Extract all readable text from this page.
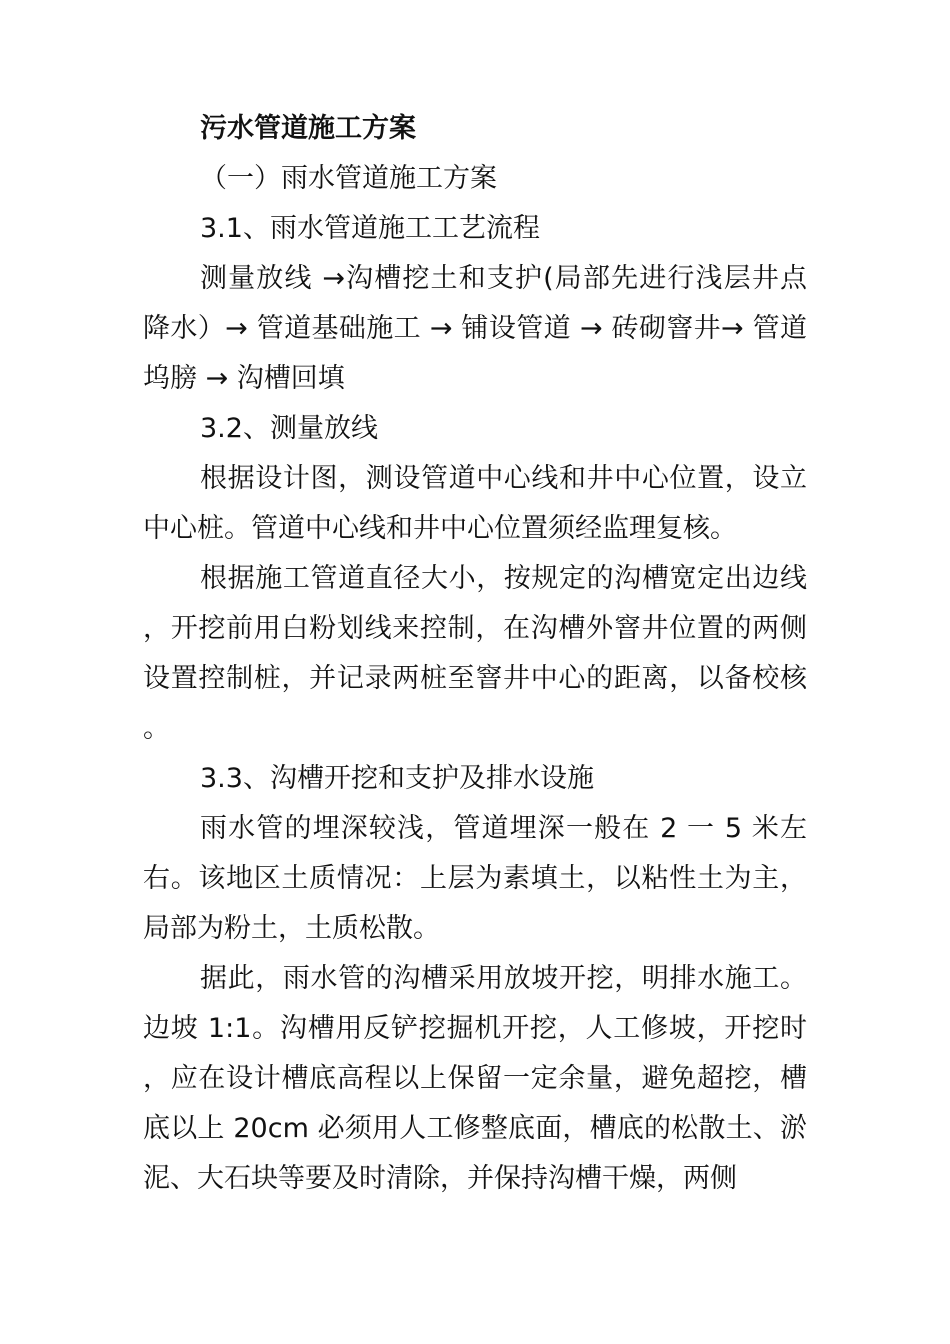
污水管道施工方案

（一）雨水管道施工方案

3.1、雨水管道施工工艺流程

测量放线 →沟槽挖土和支护(局部先进行浅层井点降水）→ 管道基础施工 → 铺设管道 → 砖砌窨井→ 管道坞膀 → 沟槽回填

3.2、测量放线

根据设计图，测设管道中心线和井中心位置，设立中心桩。管道中心线和井中心位置须经监理复核。

根据施工管道直径大小，按规定的沟槽宽定出边线，开挖前用白粉划线来控制，在沟槽外窨井位置的两侧设置控制桩，并记录两桩至窨井中心的距离，以备校核。

3.3、沟槽开挖和支护及排水设施

雨水管的埋深较浅，管道埋深一般在 2 一 5 米左右。该地区土质情况：上层为素填土，以粘性土为主，局部为粉土，土质松散。

据此，雨水管的沟槽采用放坡开挖，明排水施工。边坡 1:1。沟槽用反铲挖掘机开挖，人工修坡，开挖时，应在设计槽底高程以上保留一定余量，避免超挖，槽底以上 20cm 必须用人工修整底面，槽底的松散土、淤泥、大石块等要及时清除，并保持沟槽干燥，两侧
